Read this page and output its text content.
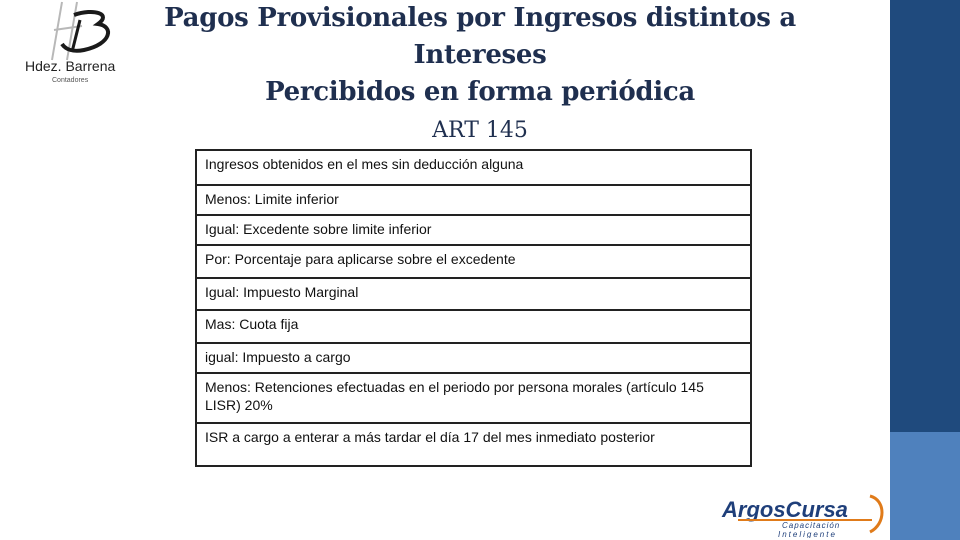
Hdez. Barrena
Contadores
Pagos Provisionales por Ingresos distintos a
Intereses
Percibidos en forma periódica
ART 145
Ingresos obtenidos en el mes sin deducción alguna
Menos: Limite inferior
Igual: Excedente sobre limite inferior
Por: Porcentaje para aplicarse sobre el excedente
Igual: Impuesto Marginal
Mas: Cuota fija
igual: Impuesto a cargo
Menos: Retenciones efectuadas en el periodo por persona morales (artículo 145 LISR) 20%
ISR a cargo a enterar a más tardar el día 17 del mes inmediato posterior
ArgosCursa
Capacitación
Inteligente
